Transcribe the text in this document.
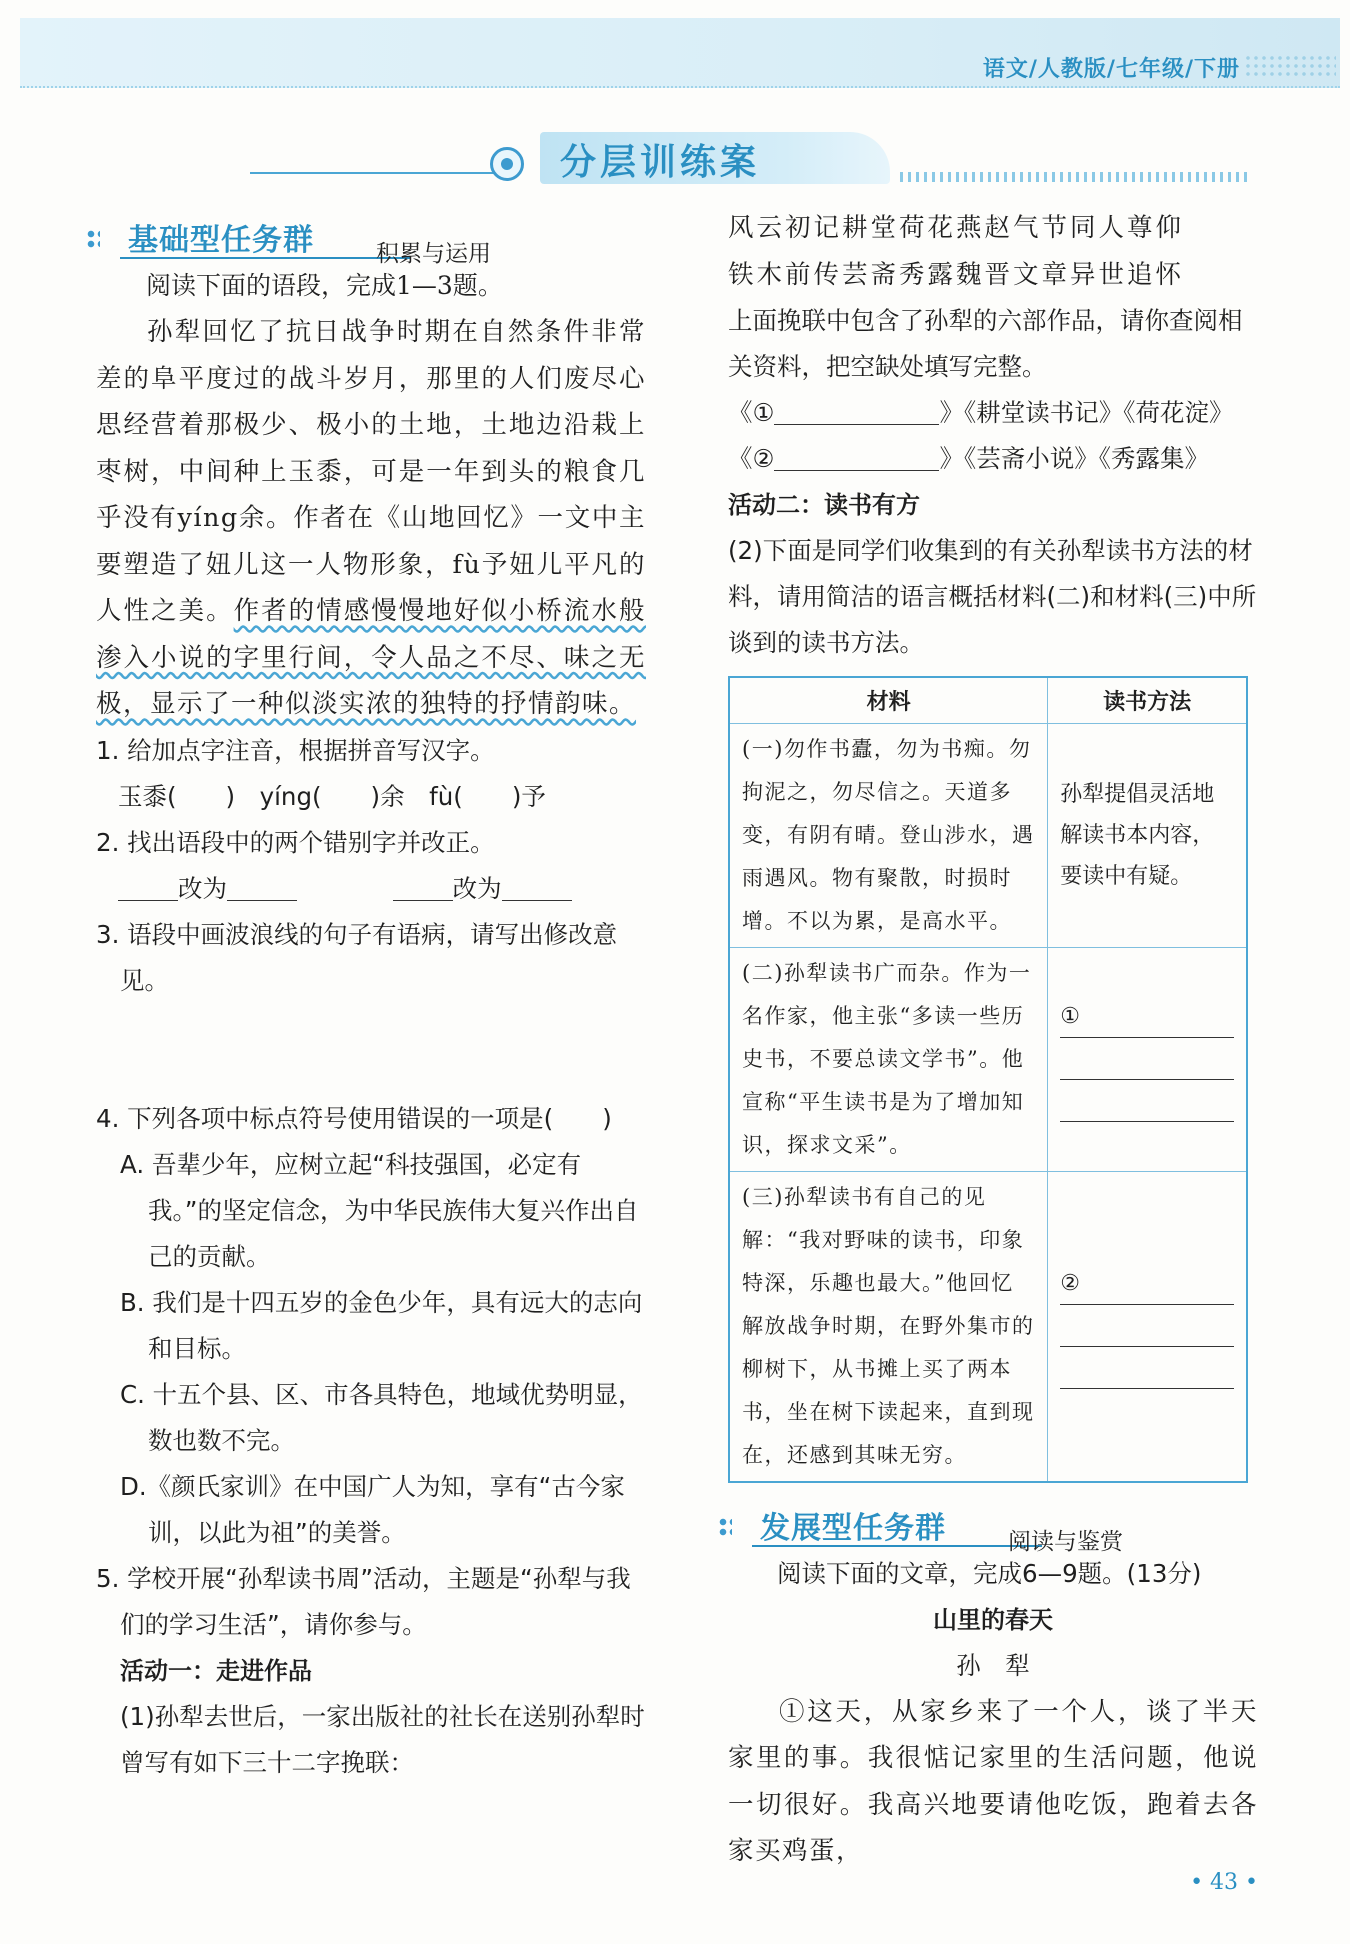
语文/人教版/七年级/下册
分层训练案
基础型任务群	积累与运用

阅读下面的语段，完成1—3题。

孙犁回忆了抗日战争时期在自然条件非常差的阜平度过的战斗岁月，那里的人们废尽心思经营着那极少、极小的土地，土地边沿栽上枣树，中间种上玉黍，可是一年到头的粮食几乎没有yíng余。作者在《山地回忆》一文中主要塑造了妞儿这一人物形象，fù予妞儿平凡的人性之美。作者的情感慢慢地好似小桥流水般渗入小说的字里行间，令人品之不尽、味之无极，显示了一种似淡实浓的独特的抒情韵味。

1. 给加点字注音，根据拼音写汉字。
玉黍(　　)　yíng(　　)余　fù(　　)予
2. 找出语段中的两个错别字并改正。
改为	改为
3. 语段中画波浪线的句子有语病，请写出修改意见。
4. 下列各项中标点符号使用错误的一项是(　　)
A. 吾辈少年，应树立起“科技强国，必定有我。”的坚定信念，为中华民族伟大复兴作出自己的贡献。
B. 我们是十四五岁的金色少年，具有远大的志向和目标。
C. 十五个县、区、市各具特色，地域优势明显，数也数不完。
D.《颜氏家训》在中国广人为知，享有“古今家训，以此为祖”的美誉。
5. 学校开展“孙犁读书周”活动，主题是“孙犁与我们的学习生活”，请你参与。
活动一：走进作品
(1)孙犁去世后，一家出版社的社长在送别孙犁时曾写有如下三十二字挽联：

风云初记耕堂荷花燕赵气节同人尊仰

铁木前传芸斋秀露魏晋文章异世追怀

上面挽联中包含了孙犁的六部作品，请你查阅相关资料，把空缺处填写完整。

《①	》《耕堂读书记》《荷花淀》

《②	》《芸斋小说》《秀露集》

活动二：读书有方

(2)下面是同学们收集到的有关孙犁读书方法的材料，请用简洁的语言概括材料(二)和材料(三)中所谈到的读书方法。

材料	读书方法
(一)勿作书蠹，勿为书痴。勿拘泥之，勿尽信之。天道多变，有阴有晴。登山涉水，遇雨遇风。物有聚散，时损时增。不以为累，是高水平。	孙犁提倡灵活地解读书本内容，要读中有疑。
(二)孙犁读书广而杂。作为一名作家，他主张“多读一些历史书，不要总读文学书”。他宣称“平生读书是为了增加知识，探求文采”。	①

(三)孙犁读书有自己的见解：“我对野味的读书，印象特深，乐趣也最大。”他回忆解放战争时期，在野外集市的柳树下，从书摊上买了两本书，坐在树下读起来，直到现在，还感到其味无穷。	②
发展型任务群	阅读与鉴赏

阅读下面的文章，完成6—9题。(13分)

山里的春天

孙　犁

①这天，从家乡来了一个人，谈了半天家里的事。我很惦记家里的生活问题，他说一切很好。我高兴地要请他吃饭，跑着去各家买鸡蛋，

• 43 •
